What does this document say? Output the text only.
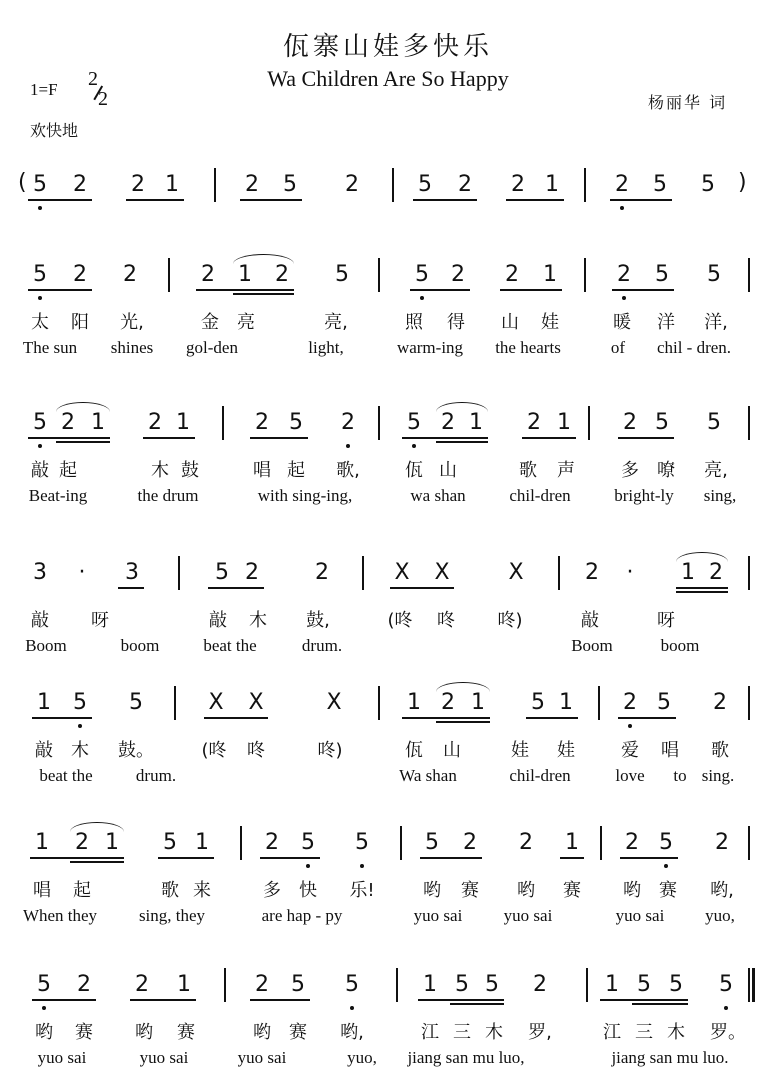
佤寨山娃多快乐
Wa Children Are So Happy
1=F 2
2
欢快地
杨丽华 词
5 2 2 1	2 5 2	5 2 2 1	2 5 5
(	)
5 2 2	2 1 2 5	5 2 2 1	2 5 5
太 阳 光,	金 亮	亮,	照 得 山 娃	暖 洋 洋,
The sun shines gol-den	light,	warm-ing the hearts	of chil - dren.
5 2 1 2 1	2 5 2 5 2 1 2 1 2 5 5
敲 起	木 鼓	唱 起 歌,	佤 山	歌 声	多 嘹 亮,
Beat-ing	the drum	with sing-ing,	wa shan	chil-dren	bright-ly sing,
3 · 3	5 2	2	X X	X	2 · 1 2
敲 呀	敲 木 鼓,	(咚 咚 咚)	敲	呀
Boom	boom	beat the	drum.	Boom	boom
1 5 5	X X	X	1 2 1 5 1 2 5 2
敲 木 鼓。	(咚 咚	咚)	佤 山	娃 娃	爱 唱 歌
beat the	drum.	Wa shan	chil-dren	love to sing.
1 2 1 5 1	2 5 5	5 2 2 1 2 5 2
唱 起	歌 来	多 快 乐!	哟 赛 哟 赛 哟 赛 哟,
When they sing, they	are hap - py	yuo sai yuo sai	yuo sai yuo,
5 2 2 1	2 5 5	1 5 5 2	1 5 5 5
哟 赛 哟 赛	哟 赛 哟,	江 三 木 罗,	江 三 木 罗。
yuo sai	yuo sai	yuo sai	yuo, jiang san mu luo,	jiang san mu luo.
